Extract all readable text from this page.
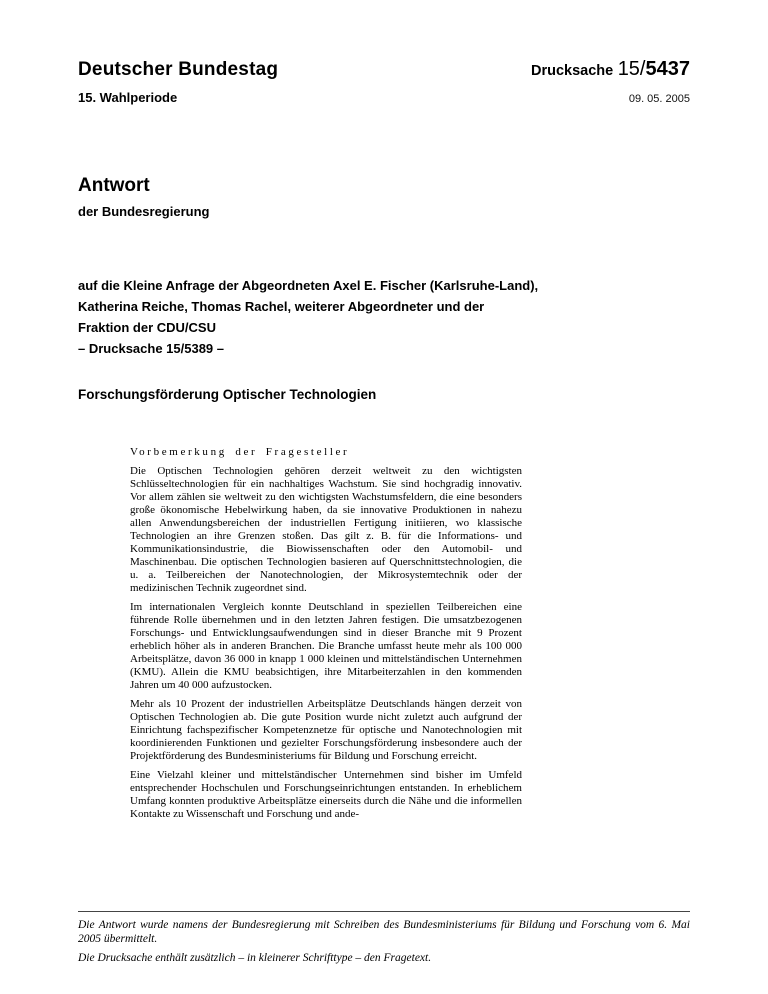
Deutscher Bundestag	Drucksache 15/5437
15. Wahlperiode	09. 05. 2005
Antwort
der Bundesregierung
auf die Kleine Anfrage der Abgeordneten Axel E. Fischer (Karlsruhe-Land),
Katherina Reiche, Thomas Rachel, weiterer Abgeordneter und der
Fraktion der CDU/CSU
– Drucksache 15/5389 –
Forschungsförderung Optischer Technologien
Vorbemerkung der Fragesteller

Die Optischen Technologien gehören derzeit weltweit zu den wichtigsten Schlüsseltechnologien für ein nachhaltiges Wachstum. Sie sind hochgradig innovativ. Vor allem zählen sie weltweit zu den wichtigsten Wachstumsfeldern, die eine besonders große ökonomische Hebelwirkung haben, da sie innovative Produktionen in nahezu allen Anwendungsbereichen der industriellen Fertigung initiieren, wo klassische Technologien an ihre Grenzen stoßen. Das gilt z. B. für die Informations- und Kommunikationsindustrie, die Biowissenschaften oder den Automobil- und Maschinenbau. Die optischen Technologien basieren auf Querschnittstechnologien, die u. a. Teilbereichen der Nanotechnologien, der Mikrosystemtechnik oder der medizinischen Technik zugeordnet sind.

Im internationalen Vergleich konnte Deutschland in speziellen Teilbereichen eine führende Rolle übernehmen und in den letzten Jahren festigen. Die umsatzbezogenen Forschungs- und Entwicklungsaufwendungen sind in dieser Branche mit 9 Prozent erheblich höher als in anderen Branchen. Die Branche umfasst heute mehr als 100 000 Arbeitsplätze, davon 36 000 in knapp 1 000 kleinen und mittelständischen Unternehmen (KMU). Allein die KMU beabsichtigen, ihre Mitarbeiterzahlen in den kommenden Jahren um 40 000 aufzustocken.

Mehr als 10 Prozent der industriellen Arbeitsplätze Deutschlands hängen derzeit von Optischen Technologien ab. Die gute Position wurde nicht zuletzt auch aufgrund der Einrichtung fachspezifischer Kompetenznetze für optische und Nanotechnologien mit koordinierenden Funktionen und gezielter Forschungsförderung insbesondere auch der Projektförderung des Bundesministeriums für Bildung und Forschung erreicht.

Eine Vielzahl kleiner und mittelständischer Unternehmen sind bisher im Umfeld entsprechender Hochschulen und Forschungseinrichtungen entstanden. In erheblichem Umfang konnten produktive Arbeitsplätze einerseits durch die Nähe und die informellen Kontakte zu Wissenschaft und Forschung und ande-

Die Antwort wurde namens der Bundesregierung mit Schreiben des Bundesministeriums für Bildung und Forschung vom 6. Mai 2005 übermittelt.

Die Drucksache enthält zusätzlich – in kleinerer Schrifttype – den Fragetext.
